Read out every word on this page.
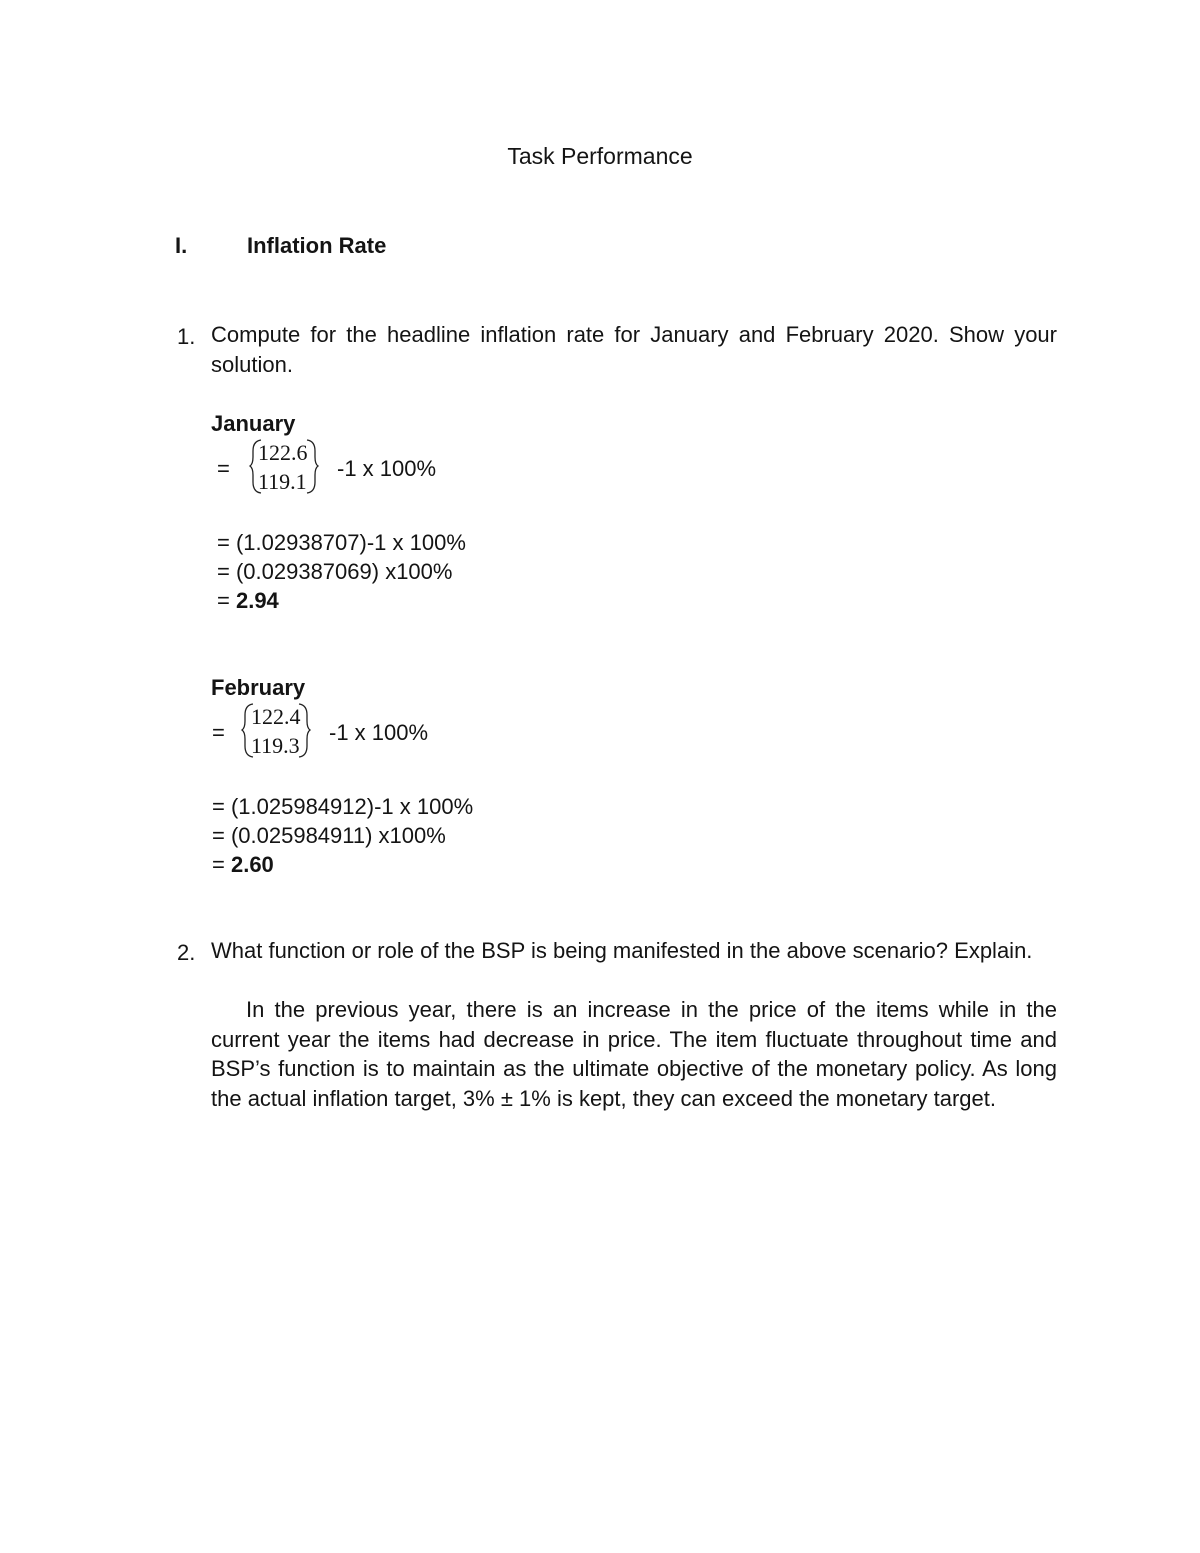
Task Performance
I.	Inflation Rate
1. Compute for the headline inflation rate for January and February 2020. Show your solution.
January
=
122.6
119.1
-1 x 100%
= (1.02938707)-1 x 100%
= (0.029387069) x100%
= 2.94
February
=
122.4
119.3
-1 x 100%
= (1.025984912)-1 x 100%
= (0.025984911) x100%
= 2.60
2. What function or role of the BSP is being manifested in the above scenario? Explain.
In the previous year, there is an increase in the price of the items while in the current year the items had decrease in price. The item fluctuate throughout time and BSP’s function is to maintain as the ultimate objective of the monetary policy. As long the actual inflation target, 3% ± 1% is kept, they can exceed the monetary target.
